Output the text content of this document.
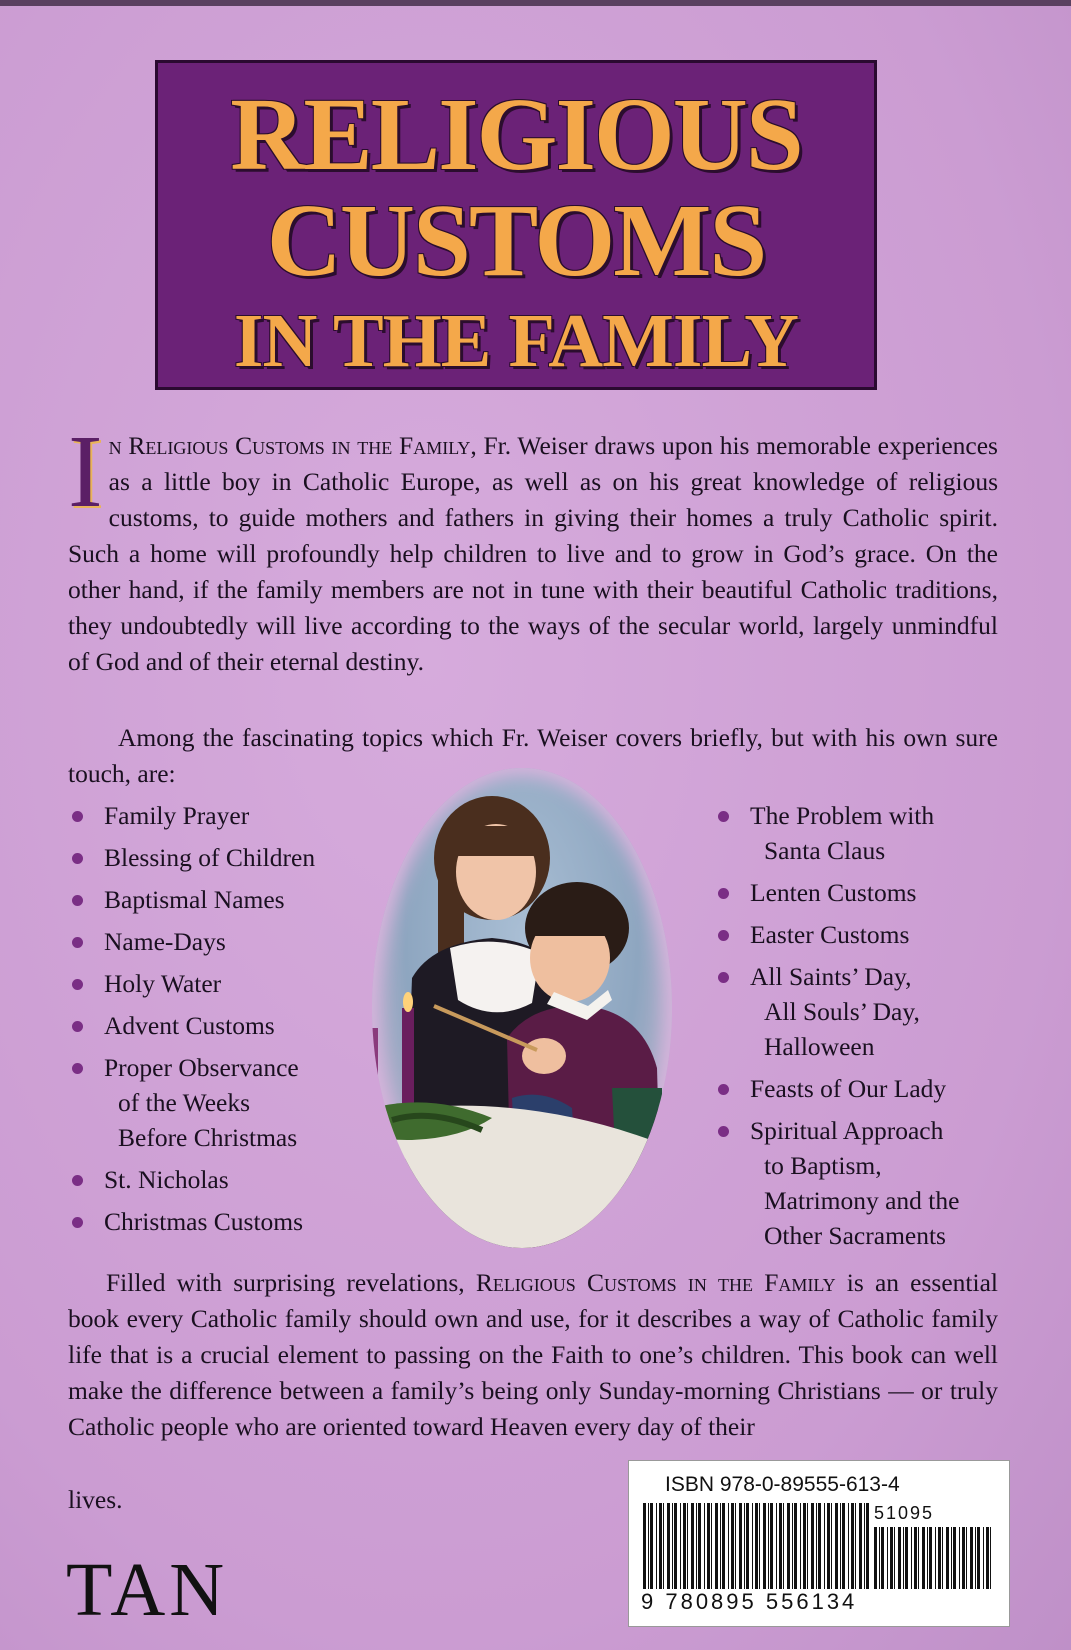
RELIGIOUS
CUSTOMS
IN THE FAMILY
In Religious Customs in the Family, Fr. Weiser draws upon his memorable experiences as a little boy in Catholic Europe, as well as on his great knowledge of religious customs, to guide mothers and fathers in giving their homes a truly Catholic spirit. Such a home will profoundly help children to live and to grow in God’s grace. On the other hand, if the family members are not in tune with their beautiful Catholic traditions, they undoubtedly will live according to the ways of the secular world, largely unmindful of God and of their eternal destiny.
Among the fascinating topics which Fr. Weiser covers briefly, but with his own sure touch, are:
Family Prayer
Blessing of Children
Baptismal Names
Name-Days
Holy Water
Advent Customs
Proper Observance
of the Weeks
Before Christmas
St. Nicholas
Christmas Customs
The Problem with
Santa Claus
Lenten Customs
Easter Customs
All Saints’ Day,
All Souls’ Day,
Halloween
Feasts of Our Lady
Spiritual Approach
to Baptism,
Matrimony and the
Other Sacraments
Filled with surprising revelations, Religious Customs in the Family is an essential book every Catholic family should own and use, for it describes a way of Catholic family life that is a crucial element to passing on the Faith to one’s children. This book can well make the difference between a family’s being only Sunday-morning Christians — or truly Catholic people who are oriented toward Heaven every day of their
lives.
ISBN 978-0-89555-613-4
51095
9 780895 556134
TAN
